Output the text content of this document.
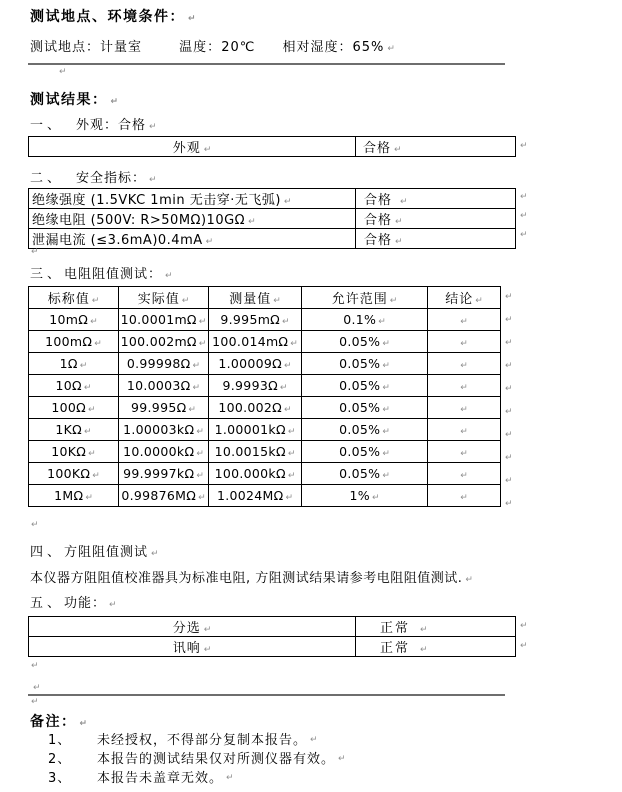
测试地点、环境条件： ↵
测试地点：计量室	温度：20℃ 相对湿度：65% ↵
↵
测试结果： ↵
一、 外观：合格 ↵
外观 ↵	合格 ↵	↵
二、 安全指标： ↵
绝缘强度 (1.5VKC 1min 无击穿·无飞弧) ↵	合格 ↵
绝缘电阻 (500V: R>50MΩ)10GΩ ↵	合格 ↵
泄漏电流 (≤3.6mA)0.4mA ↵	合格 ↵
↵
↵
↵
↵
三、电阻阻值测试： ↵
标称值 ↵	实际值 ↵	测量值 ↵	允许范围 ↵	结论 ↵
10mΩ ↵	10.0001mΩ ↵	9.995mΩ ↵	0.1% ↵	↵
100mΩ ↵	100.002mΩ ↵	100.014mΩ ↵	0.05% ↵	↵
1Ω ↵	0.99998Ω ↵	1.00009Ω ↵	0.05% ↵	↵
10Ω ↵	10.0003Ω ↵	9.9993Ω ↵	0.05% ↵	↵
100Ω ↵	99.995Ω ↵	100.002Ω ↵	0.05% ↵	↵
1KΩ ↵	1.00003kΩ ↵	1.00001kΩ ↵	0.05% ↵	↵
10KΩ ↵	10.0000kΩ ↵	10.0015kΩ ↵	0.05% ↵	↵
100KΩ ↵	99.9997kΩ ↵	100.000kΩ ↵	0.05% ↵	↵
1MΩ ↵	0.99876MΩ ↵	1.0024MΩ ↵	1% ↵	↵
↵
↵
↵
↵
↵
↵
↵
↵
↵
↵
↵
四、方阻阻值测试 ↵
本仪器方阻阻值校准器具为标准电阻, 方阻测试结果请参考电阻阻值测试. ↵
五、功能： ↵
分选 ↵	正常 ↵
讯响 ↵	正常 ↵
↵
↵
↵
↵
↵
备注： ↵
1、	未经授权，不得部分复制本报告。 ↵
2、	本报告的测试结果仅对所测仪器有效。 ↵
3、	本报告未盖章无效。 ↵
